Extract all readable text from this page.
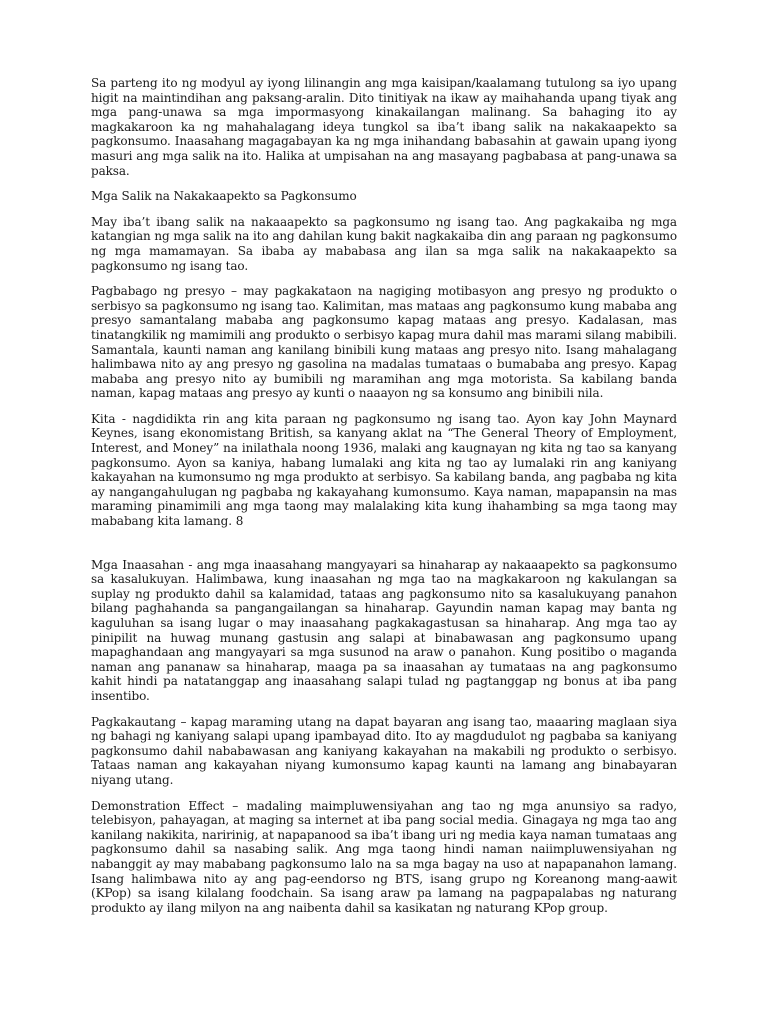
Sa parteng ito ng modyul ay iyong lilinangin ang mga kaisipan/kaalamang tutulong sa iyo upang higit na maintindihan ang paksang-aralin. Dito tinitiyak na ikaw ay maihahanda upang tiyak ang mga pang-unawa sa mga impormasyong kinakailangan malinang. Sa bahaging ito ay magkakaroon ka ng mahahalagang ideya tungkol sa iba’t ibang salik na nakakaapekto sa pagkonsumo. Inaasahang magagabayan ka ng mga inihandang babasahin at gawain upang iyong masuri ang mga salik na ito. Halika at umpisahan na ang masayang pagbabasa at pang-unawa sa paksa.

Mga Salik na Nakakaapekto sa Pagkonsumo

May iba’t ibang salik na nakaaapekto sa pagkonsumo ng isang tao. Ang pagkakaiba ng mga katangian ng mga salik na ito ang dahilan kung bakit nagkakaiba din ang paraan ng pagkonsumo ng mga mamamayan. Sa ibaba ay mababasa ang ilan sa mga salik na nakakaapekto sa pagkonsumo ng isang tao.

Pagbabago ng presyo – may pagkakataon na nagiging motibasyon ang presyo ng produkto o serbisyo sa pagkonsumo ng isang tao. Kalimitan, mas mataas ang pagkonsumo kung mababa ang presyo samantalang mababa ang pagkonsumo kapag mataas ang presyo. Kadalasan, mas tinatangkilik ng mamimili ang produkto o serbisyo kapag mura dahil mas marami silang mabibili. Samantala, kaunti naman ang kanilang binibili kung mataas ang presyo nito. Isang mahalagang halimbawa nito ay ang presyo ng gasolina na madalas tumataas o bumababa ang presyo. Kapag mababa ang presyo nito ay bumibili ng maramihan ang mga motorista. Sa kabilang banda naman, kapag mataas ang presyo ay kunti o naaayon ng sa konsumo ang binibili nila.

Kita - nagdidikta rin ang kita paraan ng pagkonsumo ng isang tao. Ayon kay John Maynard Keynes, isang ekonomistang British, sa kanyang aklat na “The General Theory of Employment, Interest, and Money” na inilathala noong 1936, malaki ang kaugnayan ng kita ng tao sa kanyang pagkonsumo. Ayon sa kaniya, habang lumalaki ang kita ng tao ay lumalaki rin ang kaniyang kakayahan na kumonsumo ng mga produkto at serbisyo. Sa kabilang banda, ang pagbaba ng kita ay nangangahulugan ng pagbaba ng kakayahang kumonsumo. Kaya naman, mapapansin na mas maraming pinamimili ang mga taong may malalaking kita kung ihahambing sa mga taong may mababang kita lamang. 8

Mga Inaasahan - ang mga inaasahang mangyayari sa hinaharap ay nakaaapekto sa pagkonsumo sa kasalukuyan. Halimbawa, kung inaasahan ng mga tao na magkakaroon ng kakulangan sa suplay ng produkto dahil sa kalamidad, tataas ang pagkonsumo nito sa kasalukuyang panahon bilang paghahanda sa pangangailangan sa hinaharap. Gayundin naman kapag may banta ng kaguluhan sa isang lugar o may inaasahang pagkakagastusan sa hinaharap. Ang mga tao ay pinipilit na huwag munang gastusin ang salapi at binabawasan ang pagkonsumo upang mapaghandaan ang mangyayari sa mga susunod na araw o panahon. Kung positibo o maganda naman ang pananaw sa hinaharap, maaga pa sa inaasahan ay tumataas na ang pagkonsumo kahit hindi pa natatanggap ang inaasahang salapi tulad ng pagtanggap ng bonus at iba pang insentibo.

Pagkakautang – kapag maraming utang na dapat bayaran ang isang tao, maaaring maglaan siya ng bahagi ng kaniyang salapi upang ipambayad dito. Ito ay magdudulot ng pagbaba sa kaniyang pagkonsumo dahil nababawasan ang kaniyang kakayahan na makabili ng produkto o serbisyo. Tataas naman ang kakayahan niyang kumonsumo kapag kaunti na lamang ang binabayaran niyang utang.

Demonstration Effect – madaling maimpluwensiyahan ang tao ng mga anunsiyo sa radyo, telebisyon, pahayagan, at maging sa internet at iba pang social media. Ginagaya ng mga tao ang kanilang nakikita, naririnig, at napapanood sa iba’t ibang uri ng media kaya naman tumataas ang pagkonsumo dahil sa nasabing salik. Ang mga taong hindi naman naiimpluwensiyahan ng nabanggit ay may mababang pagkonsumo lalo na sa mga bagay na uso at napapanahon lamang. Isang halimbawa nito ay ang pag-eendorso ng BTS, isang grupo ng Koreanong mang-aawit (KPop) sa isang kilalang foodchain. Sa isang araw pa lamang na pagpapalabas ng naturang produkto ay ilang milyon na ang naibenta dahil sa kasikatan ng naturang KPop group.
